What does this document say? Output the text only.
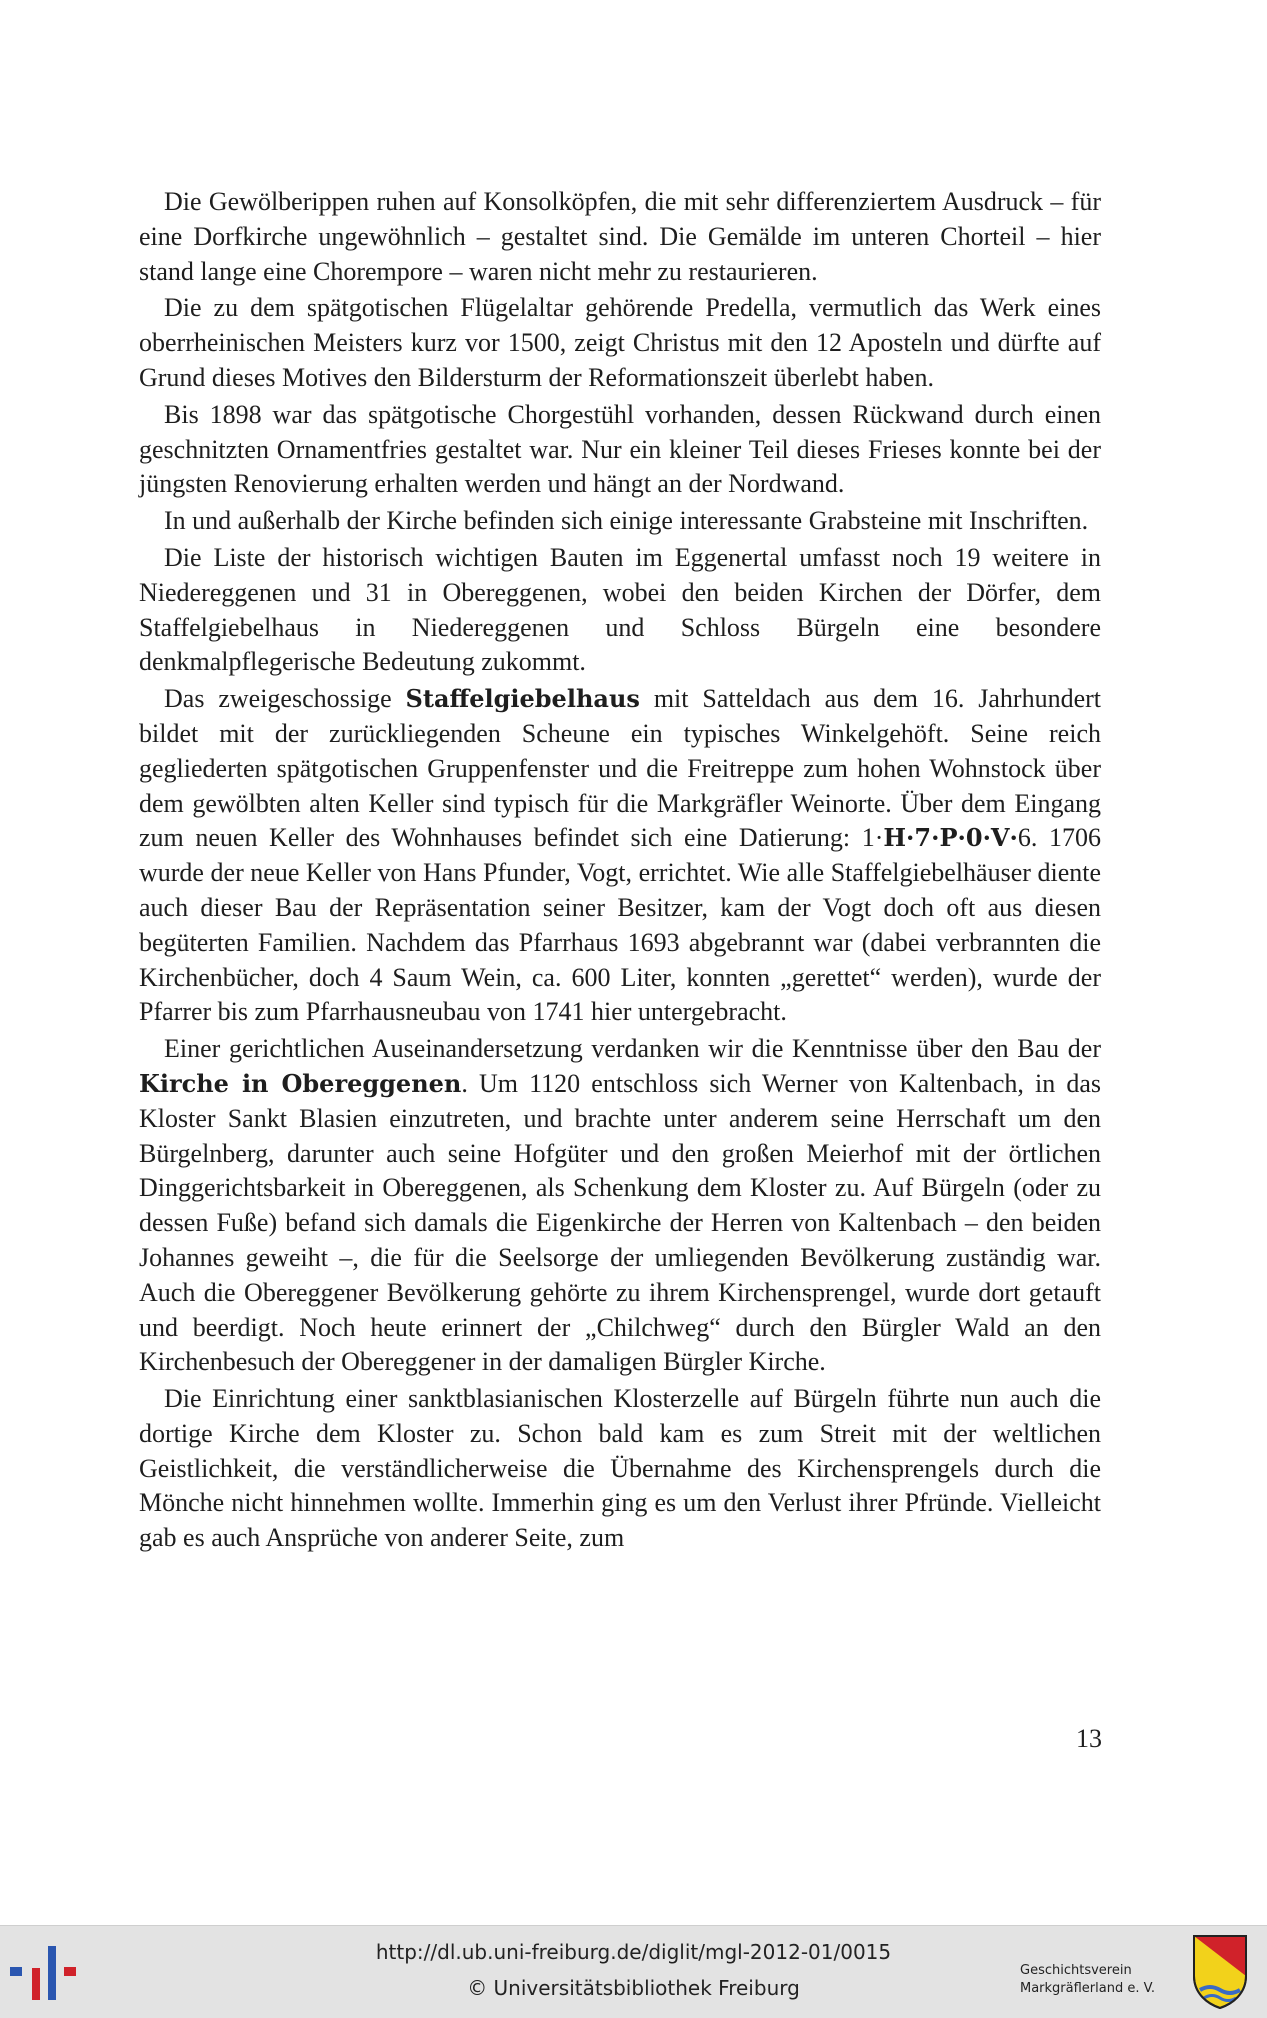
Die Gewölberippen ruhen auf Konsolköpfen, die mit sehr differenziertem Ausdruck – für eine Dorfkirche ungewöhnlich – gestaltet sind. Die Gemälde im unteren Chorteil – hier stand lange eine Chorempore – waren nicht mehr zu restaurieren.

Die zu dem spätgotischen Flügelaltar gehörende Predella, vermutlich das Werk eines oberrheinischen Meisters kurz vor 1500, zeigt Christus mit den 12 Aposteln und dürfte auf Grund dieses Motives den Bildersturm der Reformationszeit überlebt haben.

Bis 1898 war das spätgotische Chorgestühl vorhanden, dessen Rückwand durch einen geschnitzten Ornamentfries gestaltet war. Nur ein kleiner Teil dieses Frieses konnte bei der jüngsten Renovierung erhalten werden und hängt an der Nordwand.

In und außerhalb der Kirche befinden sich einige interessante Grabsteine mit Inschriften.

Die Liste der historisch wichtigen Bauten im Eggenertal umfasst noch 19 weitere in Niedereggenen und 31 in Obereggenen, wobei den beiden Kirchen der Dörfer, dem Staffelgiebelhaus in Niedereggenen und Schloss Bürgeln eine besondere denkmalpflegerische Bedeutung zukommt.

Das zweigeschossige Staffelgiebelhaus mit Satteldach aus dem 16. Jahrhundert bildet mit der zurückliegenden Scheune ein typisches Winkelgehöft. Seine reich gegliederten spätgotischen Gruppenfenster und die Freitreppe zum hohen Wohnstock über dem gewölbten alten Keller sind typisch für die Markgräfler Weinorte. Über dem Eingang zum neuen Keller des Wohnhauses befindet sich eine Datierung: 1·H·7·P·0·V·6. 1706 wurde der neue Keller von Hans Pfunder, Vogt, errichtet. Wie alle Staffelgiebelhäuser diente auch dieser Bau der Repräsentation seiner Besitzer, kam der Vogt doch oft aus diesen begüterten Familien. Nachdem das Pfarrhaus 1693 abgebrannt war (dabei verbrannten die Kirchenbücher, doch 4 Saum Wein, ca. 600 Liter, konnten „gerettet“ werden), wurde der Pfarrer bis zum Pfarrhausneubau von 1741 hier untergebracht.

Einer gerichtlichen Auseinandersetzung verdanken wir die Kenntnisse über den Bau der Kirche in Obereggenen. Um 1120 entschloss sich Werner von Kaltenbach, in das Kloster Sankt Blasien einzutreten, und brachte unter anderem seine Herrschaft um den Bürgelnberg, darunter auch seine Hofgüter und den großen Meierhof mit der örtlichen Dinggerichtsbarkeit in Obereggenen, als Schenkung dem Kloster zu. Auf Bürgeln (oder zu dessen Fuße) befand sich damals die Eigenkirche der Herren von Kaltenbach – den beiden Johannes geweiht –, die für die Seelsorge der umliegenden Bevölkerung zuständig war. Auch die Obereggener Bevölkerung gehörte zu ihrem Kirchensprengel, wurde dort getauft und beerdigt. Noch heute erinnert der „Chilchweg“ durch den Bürgler Wald an den Kirchenbesuch der Obereggener in der damaligen Bürgler Kirche.

Die Einrichtung einer sanktblasianischen Klosterzelle auf Bürgeln führte nun auch die dortige Kirche dem Kloster zu. Schon bald kam es zum Streit mit der weltlichen Geistlichkeit, die verständlicherweise die Übernahme des Kirchensprengels durch die Mönche nicht hinnehmen wollte. Immerhin ging es um den Verlust ihrer Pfründe. Vielleicht gab es auch Ansprüche von anderer Seite, zum

13
http://dl.ub.uni-freiburg.de/diglit/mgl-2012-01/0015
© Universitätsbibliothek Freiburg
Geschichtsverein
Markgräflerland e. V.
